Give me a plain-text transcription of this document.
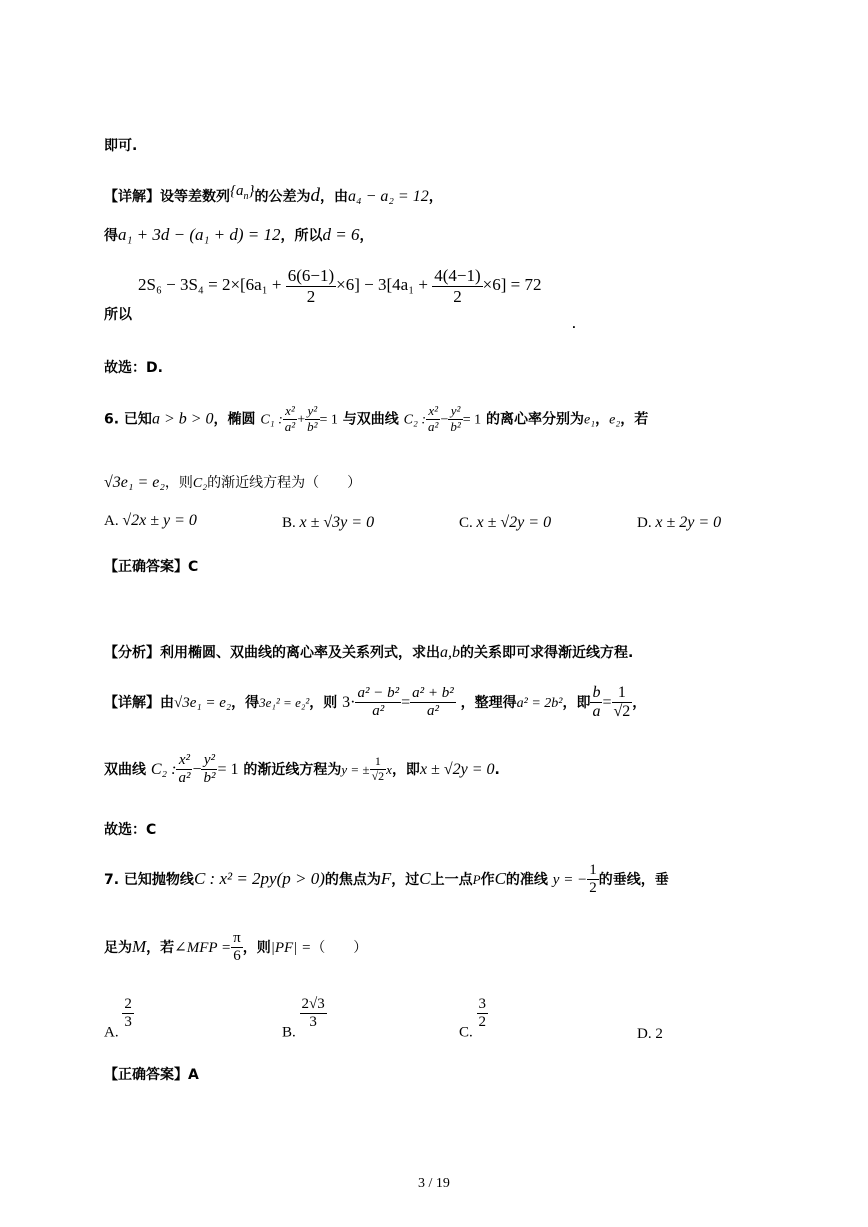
即可.
【详解】设等差数列$\{a_n\}$的公差为d，由a₄ − a₂ = 12，
得a₁ + 3d − (a₁ + d) = 12，所以d = 6，
所以
$2S_6 - 3S_4 = 2\times[6a_1 + \frac{6(6-1)}{2} \times 6] - 3[4a_1 + \frac{4(4-1)}{2} \times 6] = 72$
.
故选：D.
6. 已知a > b > 0，椭圆 C₁ : $\frac{\text{x²}}{\text{a²}} + \frac{\text{y²}}{\text{b²}} = 1$ 与双曲线 C₂ : $\frac{\text{x²}}{\text{a²}} - \frac{\text{y²}}{\text{b²}} = 1$ 的离心率分别为e₁，e₂，若
√3e₁ = e₂，则C₂的渐近线方程为（　　）
A. √2x ± y = 0	B. x ± √3y = 0	C. x ± √2y = 0	D. x ± 2y = 0
【正确答案】C
【分析】利用椭圆、双曲线的离心率及关系列式，求出a,b的关系即可求得渐近线方程.
【详解】由√3e₁ = e₂，得3e₁² = e₂²，则 $3\cdot \frac{\text{a² − b²}}{\text{a²}} = \frac{\text{a² + b²}}{\text{a²}}$ ，整理得a² = 2b²，即 $\frac{b}{a} = \frac{1}{√2}$ ，
双曲线 C₂ : $\frac{\text{x²}}{\text{a²}} - \frac{\text{y²}}{\text{b²}} = 1$ 的渐近线方程为y = ± $\frac{1}{√2}$ x，即x ± √2y = 0.
故选：C
7. 已知抛物线C : x² = 2py(p > 0)的焦点为F，过C上一点P作C的准线 y = − $\frac{1}{2}$ 的垂线，垂
足为M，若∠MFP = $\frac{\pi}{6}$ ，则|PF| =（　　）
A.
$\frac{2}{3}$
B.
$\frac{2√3}{3}$
C.
$\frac{3}{2}$
D. 2
【正确答案】A
3 / 19
